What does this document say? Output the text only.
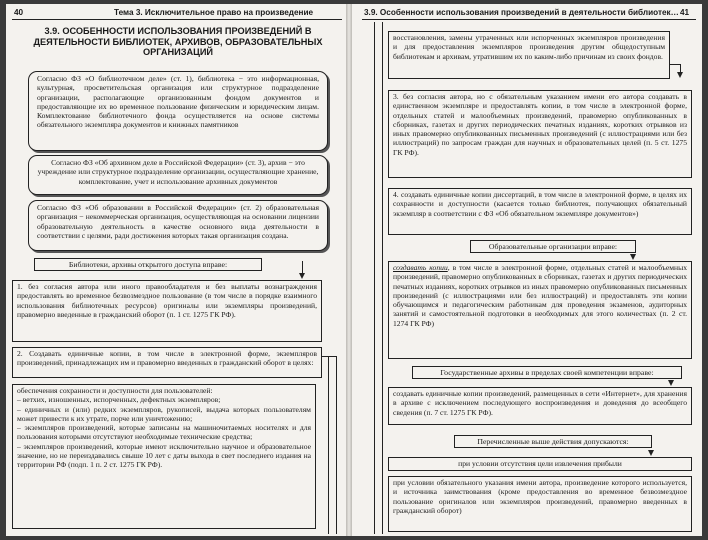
40	Тема 3. Исключительное право на произведение
3.9. ОСОБЕННОСТИ ИСПОЛЬЗОВАНИЯ ПРОИЗВЕДЕНИЙ В ДЕЯТЕЛЬНОСТИ БИБЛИОТЕК, АРХИВОВ, ОБРАЗОВАТЕЛЬНЫХ ОРГАНИЗАЦИЙ
Согласно ФЗ «О библиотечном деле» (ст. 1), библиотека − это информационная, культурная, просветительская организация или структурное подразделение организации, располагающие организованным фондом документов и предоставляющие их во временное пользование физическим и юридическим лицам. Комплектование библиотечного фонда осуществляется на основе системы обязательного экземпляра документов и книжных памятников
Согласно ФЗ «Об архивном деле в Российской Федерации» (ст. 3), архив − это учреждение или структурное подразделение организации, осуществляющие хранение, комплектование, учет и использование архивных документов
Согласно ФЗ «Об образовании в Российской Федерации» (ст. 2) образовательная организация − некоммерческая организация, осуществляющая на основании лицензии образовательную деятельность в качестве основного вида деятельности в соответствии с целями, ради достижения которых такая организация создана.
Библиотеки, архивы открытого доступа вправе:
1. без согласия автора или иного правообладателя и без выплаты вознаграждения предоставлять во временное безвозмездное пользование (в том числе в порядке взаимного использования библиотечных ресурсов) оригиналы или экземпляры произведений, правомерно введенные в гражданский оборот (п. 1 ст. 1275 ГК РФ).
2. Создавать единичные копии, в том числе в электронной форме, экземпляров произведений, принадлежащих им и правомерно введенных в гражданский оборот в целях:
обеспечения сохранности и доступности для пользователей:
– ветхих, изношенных, испорченных, дефектных экземпляров;
– единичных и (или) редких экземпляров, рукописей, выдача которых пользователям может привести к их утрате, порче или уничтожению;
– экземпляров произведений, которые записаны на машиночитаемых носителях и для пользования которыми отсутствуют необходимые технические средства;
– экземпляров произведений, которые имеют исключительно научное и образовательное значение, но не переиздавались свыше 10 лет с даты выхода в свет последнего издания на территории РФ (подп. 1 п. 2 ст. 1275 ГК РФ).
3.9. Особенности использования произведений в деятельности библиотек… 41
восстановления, замены утраченных или испорченных экземпляров произведения и для предоставления экземпляров произведения другим общедоступным библиотекам и архивам, утратившим их по каким-либо причинам из своих фондов.
3. без согласия автора, но с обязательным указанием имени его автора создавать в единственном экземпляре и предоставлять копии, в том числе в электронной форме, отдельных статей и малообъемных произведений, правомерно опубликованных в сборниках, газетах и других периодических печатных изданиях, коротких отрывков из иных правомерно опубликованных письменных произведений (с иллюстрациями или без иллюстраций) по запросам граждан для научных и образовательных целей (п. 5 ст. 1275 ГК РФ).
4. создавать единичные копии диссертаций, в том числе в электронной форме, в целях их сохранности и доступности (касается только библиотек, получающих обязательный экземпляр в соответствии с ФЗ «Об обязательном экземпляре документов»)
Образовательные организации вправе:
создавать копии, в том числе в электронной форме, отдельных статей и малообъемных произведений, правомерно опубликованных в сборниках, газетах и других периодических печатных изданиях, коротких отрывков из иных правомерно опубликованных письменных произведений (с иллюстрациями или без иллюстраций) и предоставлять эти копии обучающимся и педагогическим работникам для проведения экзаменов, аудиторных занятий и самостоятельной подготовки в необходимых для этого количествах (п. 2 ст. 1274 ГК РФ)
Государственные архивы в пределах своей компетенции вправе:
создавать единичные копии произведений, размещенных в сети «Интернет», для хранения в архиве с исключением последующего воспроизведения и доведения до всеобщего сведения (п. 7 ст. 1275 ГК РФ).
Перечисленные выше действия допускаются:
при условии отсутствия цели извлечения прибыли
при условии обязательного указания имени автора, произведение которого используется, и источника заимствования (кроме предоставления во временное безвозмездное пользование оригиналов или экземпляров произведений, правомерно введенных в гражданский оборот)
